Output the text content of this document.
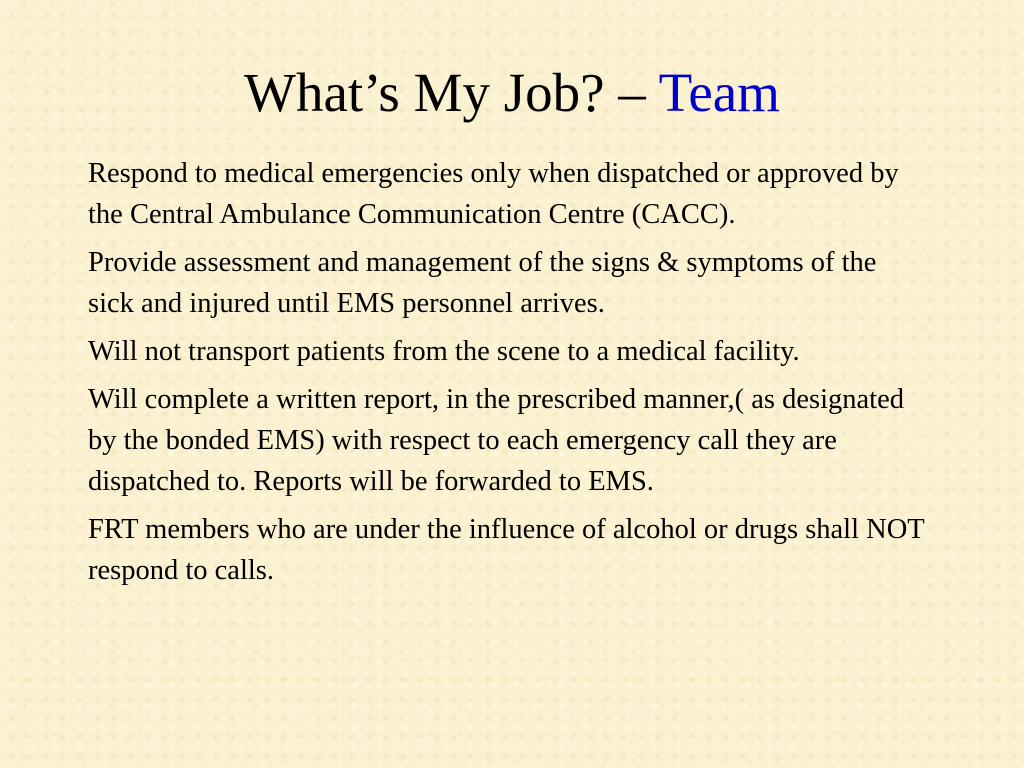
What’s My Job? – Team
Respond to medical emergencies only when dispatched or approved by the Central Ambulance Communication Centre (CACC).
Provide assessment and management of the signs & symptoms of the sick and injured until EMS personnel arrives.
Will not transport patients from the scene to a medical facility.
Will complete a written report, in the prescribed manner,( as designated by the bonded EMS) with respect to each emergency call they are dispatched to. Reports will be forwarded to EMS.
FRT members who are under the influence of alcohol or drugs shall NOT respond to calls.
